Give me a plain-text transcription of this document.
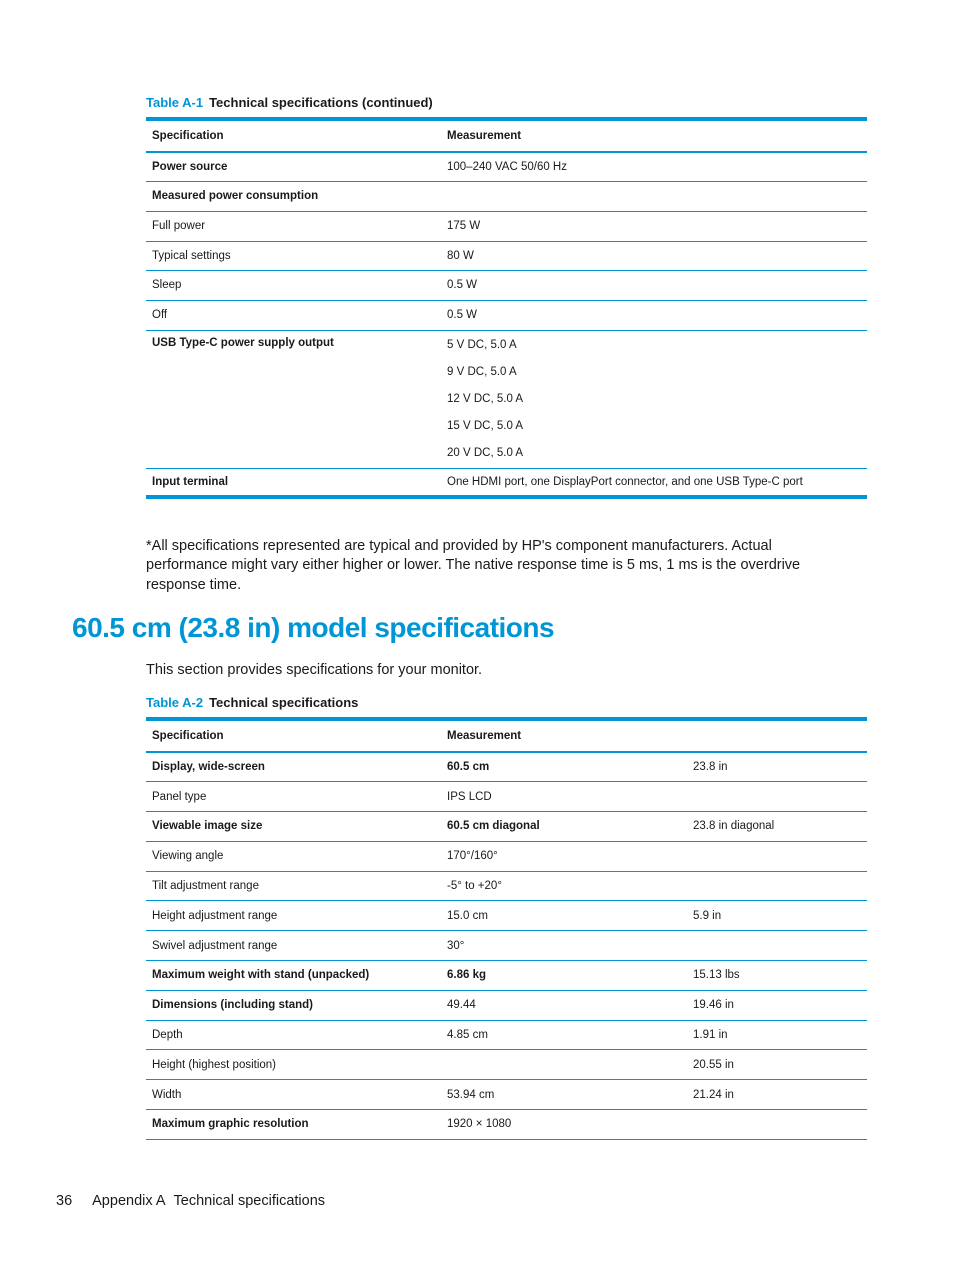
Table A-1 Technical specifications (continued)
Specification	Measurement
Power source	100–240 VAC 50/60 Hz
Measured power consumption	
Full power	175 W
Typical settings	80 W
Sleep	0.5 W
Off	0.5 W
USB Type-C power supply output	5 V DC, 5.0 A
9 V DC, 5.0 A
12 V DC, 5.0 A
15 V DC, 5.0 A
20 V DC, 5.0 A

Input terminal	One HDMI port, one DisplayPort connector, and one USB Type-C port
*All specifications represented are typical and provided by HP's component manufacturers. Actual performance might vary either higher or lower. The native response time is 5 ms, 1 ms is the overdrive response time.
60.5 cm (23.8 in) model specifications
This section provides specifications for your monitor.
Table A-2 Technical specifications
Specification	Measurement	
Display, wide-screen	60.5 cm	23.8 in
Panel type	IPS LCD	
Viewable image size	60.5 cm diagonal	23.8 in diagonal
Viewing angle	170°/160°	
Tilt adjustment range	-5° to +20°	
Height adjustment range	15.0 cm	5.9 in
Swivel adjustment range	30°	
Maximum weight with stand (unpacked)	6.86 kg	15.13 lbs
Dimensions (including stand)	49.44	19.46 in
Depth	4.85 cm	1.91 in
Height (highest position)		20.55 in
Width	53.94 cm	21.24 in
Maximum graphic resolution	1920 × 1080	
36 Appendix A Technical specifications
